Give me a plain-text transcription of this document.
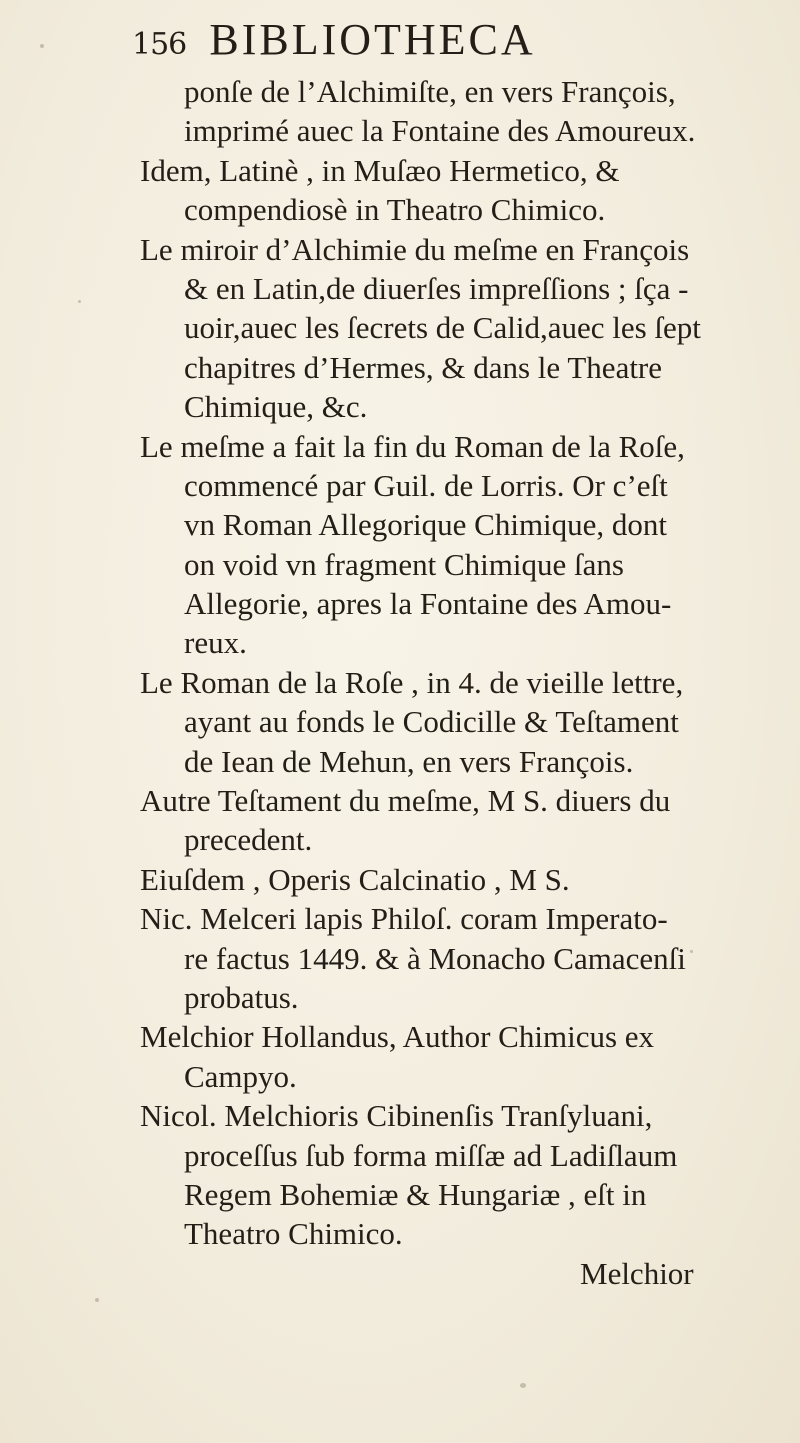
156 BIBLIOTHECA
ponſe de l’Alchimiſte, en vers François,
imprimé auec la Fontaine des Amoureux.
Idem, Latinè , in Muſæo Hermetico, &
compendiosè in Theatro Chimico.
Le miroir d’Alchimie du meſme en François
& en Latin,de diuerſes impreſſions ; ſça -
uoir,auec les ſecrets de Calid,auec les ſept
chapitres d’Hermes, & dans le Theatre
Chimique, &c.
Le meſme a fait la fin du Roman de la Roſe,
commencé par Guil. de Lorris. Or c’eſt
vn Roman Allegorique Chimique, dont
on void vn fragment Chimique ſans
Allegorie, apres la Fontaine des Amou-
reux.
Le Roman de la Roſe , in 4. de vieille lettre,
ayant au fonds le Codicille & Teſtament
de Iean de Mehun, en vers François.
Autre Teſtament du meſme, M S. diuers du
precedent.
Eiuſdem , Operis Calcinatio , M S.
Nic. Melceri lapis Philoſ. coram Imperato-
re factus 1449. & à Monacho Camacenſi
probatus.
Melchior Hollandus, Author Chimicus ex
Campyo.
Nicol. Melchioris Cibinenſis Tranſyluani,
proceſſus ſub forma miſſæ ad Ladiſlaum
Regem Bohemiæ & Hungariæ , eſt in
Theatro Chimico.
Melchior
